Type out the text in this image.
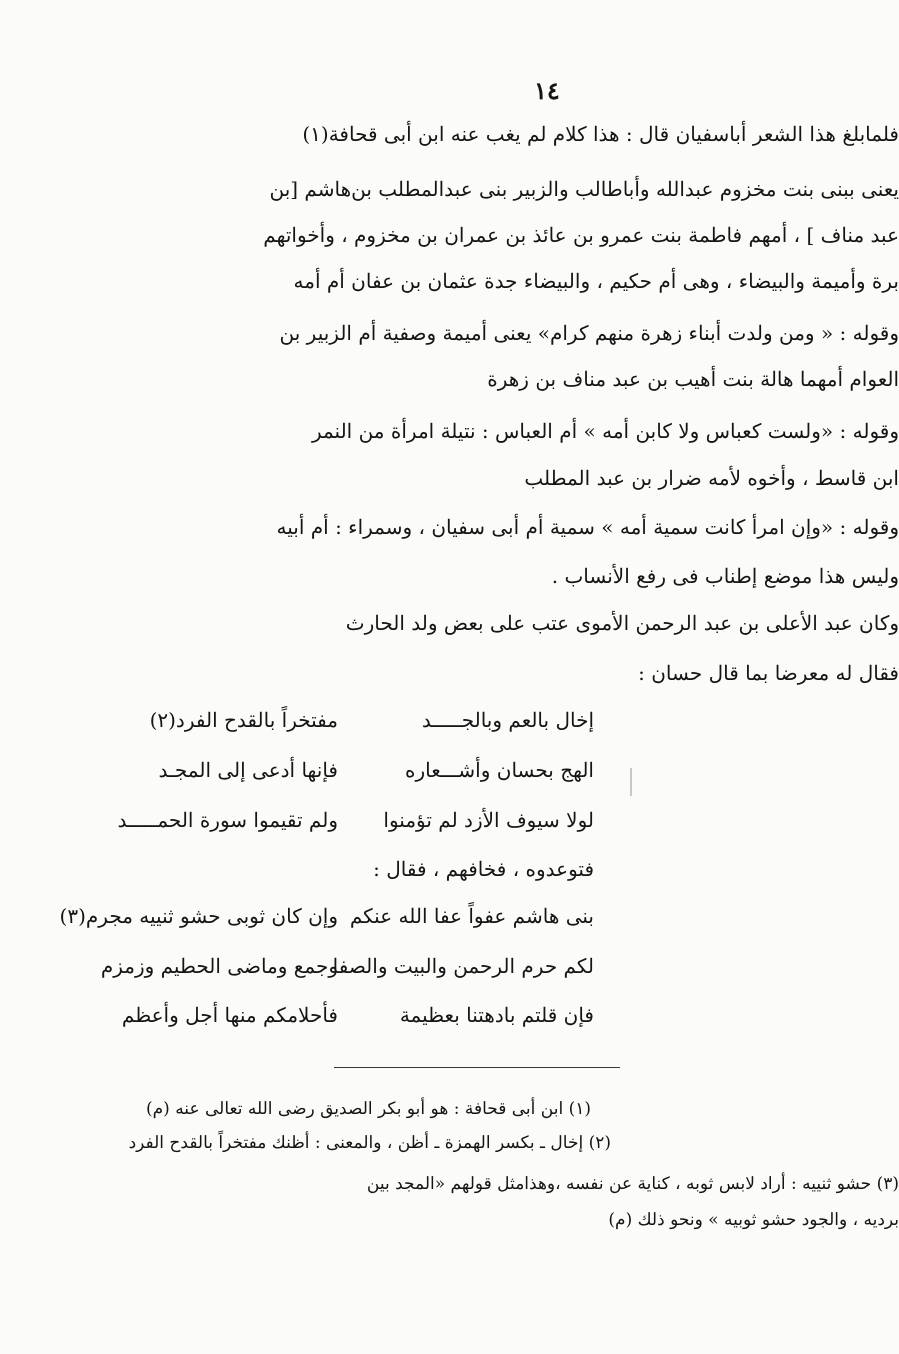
١٤
فلمابلغ هذا الشعر أباسفيان قال : هذا كلام لم يغب عنه ابن أبى قحافة(١)
يعنى ببنى بنت مخزوم عبدالله وأباطالب والزبير بنى عبدالمطلب بن‌هاشم [بن
عبد مناف ] ، أمهم فاطمة بنت عمرو بن عائذ بن عمران بن مخزوم ، وأخواتهم
برة وأميمة والبيضاء ، وهى أم حكيم ، والبيضاء جدة عثمان بن عفان أم أمه
وقوله : « ومن ولدت أبناء زهرة منهم كرام» يعنى أميمة وصفية أم الزبير بن
العوام أمهما هالة بنت أهيب بن عبد مناف بن زهرة
وقوله : «ولست كعباس ولا كابن أمه » أم العباس : نتيلة امرأة من النمر
ابن قاسط ، وأخوه لأمه ضرار بن عبد المطلب
وقوله : «وإن امرأ كانت سمية أمه » سمية أم أبى سفيان ، وسمراء : أم أبيه
وليس هذا موضع إطناب فى رفع الأنساب .
وكان عبد الأعلى بن عبد الرحمن الأموى عتب على بعض ولد الحارث
فقال له معرضا بما قال حسان :
إخال بالعم وبالجـــــد
مفتخراً بالقدح الفرد(٢)
الهج بحسان وأشـــعاره
فإنها أدعى إلى المجـد
لولا سيوف الأزد لم تؤمنوا
ولم تقيموا سورة الحمـــــد
فتوعدوه ، فخافهم ، فقال :
بنى هاشم عفواً عفا الله عنكم
وإن كان ثوبى حشو ثنييه مجرم(٣)
لكم حرم الرحمن والبيت والصفا
وجمع وماضى الحطيم وزمزم
فإن قلتم بادهتنا بعظيمة
فأحلامكم منها أجل وأعظم
(١) ابن أبى قحافة : هو أبو بكر الصديق رضى الله تعالى عنه (م)
(٢) إخال ـ بكسر الهمزة ـ أظن ، والمعنى : أظنك مفتخراً بالقدح الفرد
(٣) حشو ثنييه : أراد لابس ثوبه ، كناية عن نفسه ،وهذامثل قولهم «المجد بين
برديه ، والجود حشو ثوبيه » ونحو ذلك (م)
